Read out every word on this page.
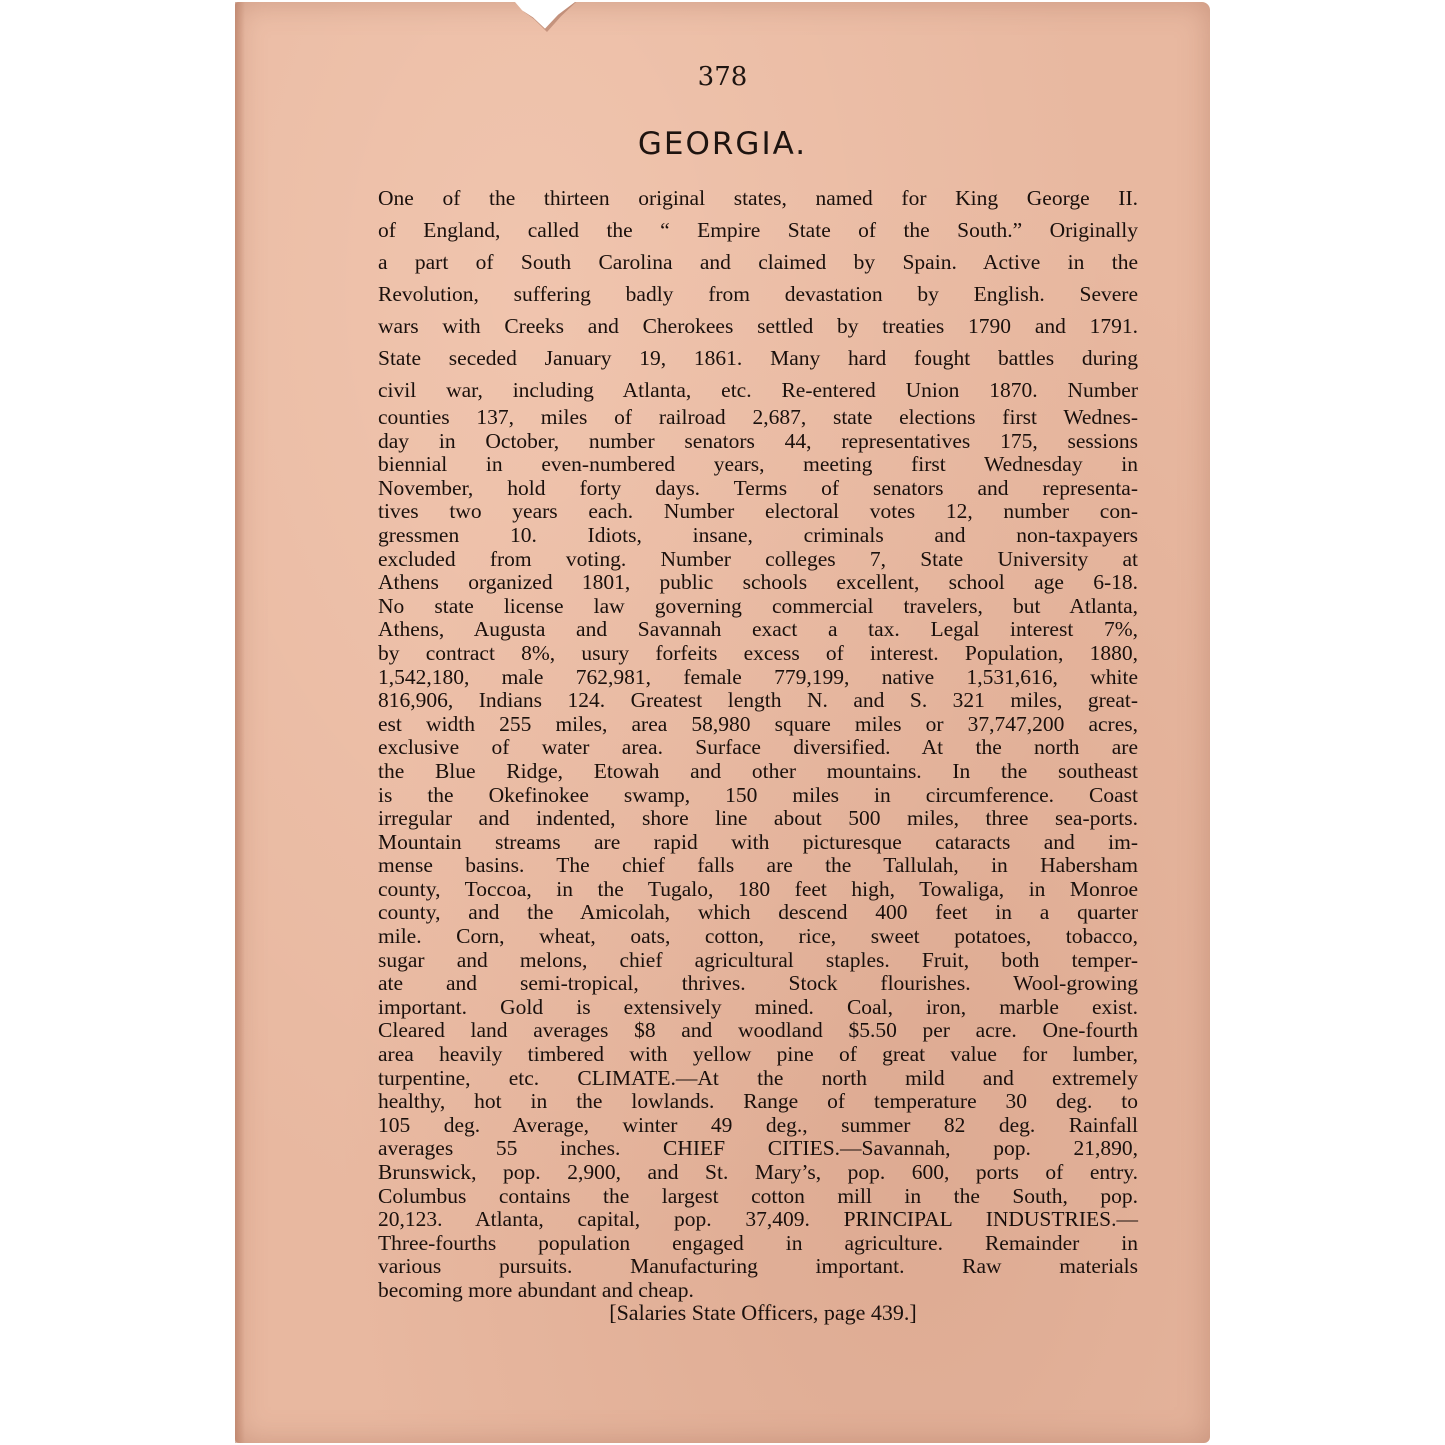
378
GEORGIA.
One of the thirteen original states, named for King George II.
of England, called the “ Empire State of the South.” Originally
a part of South Carolina and claimed by Spain. Active in the
Revolution, suffering badly from devastation by English. Severe
wars with Creeks and Cherokees settled by treaties 1790 and 1791.
State seceded January 19, 1861. Many hard fought battles during
civil war, including Atlanta, etc. Re-entered Union 1870. Number
counties 137, miles of railroad 2,687, state elections first Wednes-
day in October, number senators 44, representatives 175, sessions
biennial in even-numbered years, meeting first Wednesday in
November, hold forty days. Terms of senators and representa-
tives two years each. Number electoral votes 12, number con-
gressmen 10. Idiots, insane, criminals and non-taxpayers
excluded from voting. Number colleges 7, State University at
Athens organized 1801, public schools excellent, school age 6-18.
No state license law governing commercial travelers, but Atlanta,
Athens, Augusta and Savannah exact a tax. Legal interest 7%,
by contract 8%, usury forfeits excess of interest. Population, 1880,
1,542,180, male 762,981, female 779,199, native 1,531,616, white
816,906, Indians 124. Greatest length N. and S. 321 miles, great-
est width 255 miles, area 58,980 square miles or 37,747,200 acres,
exclusive of water area. Surface diversified. At the north are
the Blue Ridge, Etowah and other mountains. In the southeast
is the Okefinokee swamp, 150 miles in circumference. Coast
irregular and indented, shore line about 500 miles, three sea-ports.
Mountain streams are rapid with picturesque cataracts and im-
mense basins. The chief falls are the Tallulah, in Habersham
county, Toccoa, in the Tugalo, 180 feet high, Towaliga, in Monroe
county, and the Amicolah, which descend 400 feet in a quarter
mile. Corn, wheat, oats, cotton, rice, sweet potatoes, tobacco,
sugar and melons, chief agricultural staples. Fruit, both temper-
ate and semi-tropical, thrives. Stock flourishes. Wool-growing
important. Gold is extensively mined. Coal, iron, marble exist.
Cleared land averages $8 and woodland $5.50 per acre. One-fourth
area heavily timbered with yellow pine of great value for lumber,
turpentine, etc. CLIMATE.—At the north mild and extremely
healthy, hot in the lowlands. Range of temperature 30 deg. to
105 deg. Average, winter 49 deg., summer 82 deg. Rainfall
averages 55 inches. CHIEF CITIES.—Savannah, pop. 21,890,
Brunswick, pop. 2,900, and St. Mary’s, pop. 600, ports of entry.
Columbus contains the largest cotton mill in the South, pop.
20,123. Atlanta, capital, pop. 37,409. PRINCIPAL INDUSTRIES.—
Three-fourths population engaged in agriculture. Remainder in
various pursuits. Manufacturing important. Raw materials
becoming more abundant and cheap.
[Salaries State Officers, page 439.]
